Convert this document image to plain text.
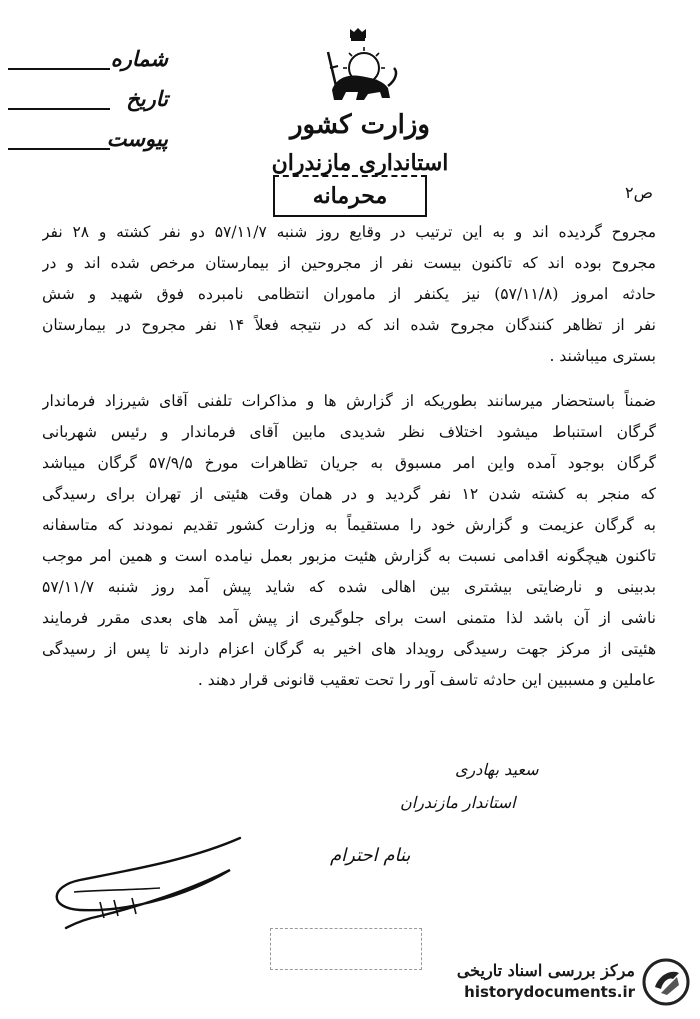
شماره
تاریخ
پیوست	وزارت کشور
استانداری مازندران
محرمانه	ص۲
مجروح گردیده اند و به این ترتیب در وقایع روز شنبه ۵۷/۱۱/۷ دو نفر کشته و ۲۸ نفر
مجروح بوده اند که تاکنون بیست نفر از مجروحین از بیمارستان مرخص شده اند و در
حادثه امروز (۵۷/۱۱/۸) نیز یکنفر از ماموران انتظامی نامبرده فوق شهید و شش
نفر از تظاهر کنندگان مجروح شده اند که در نتیجه فعلاً ۱۴ نفر مجروح در بیمارستان
بستری میباشند .
ضمناً باستحضار میرسانند بطوریکه از گزارش ها و مذاکرات تلفنی آقای شیرزاد فرماندار
گرگان استنباط میشود اختلاف نظر شدیدی مابین آقای فرماندار و رئیس شهربانی
گرگان بوجود آمده واین امر مسبوق به جریان تظاهرات مورخ ۵۷/۹/۵ گرگان میباشد
که منجر به کشته شدن ۱۲ نفر گردید و در همان وقت هئیتی از تهران برای رسیدگی
به گرگان عزیمت و گزارش خود را مستقیماً به وزارت کشور تقدیم نمودند که متاسفانه
تاکنون هیچگونه اقدامی نسبت به گزارش هئیت مزبور بعمل نیامده است و همین امر موجب
بدبینی و نارضایتی بیشتری بین اهالی شده که شاید پیش آمد روز شنبه ۵۷/۱۱/۷
ناشی از آن باشد لذا متمنی است برای جلوگیری از پیش آمد های بعدی مقرر فرمایند
هئیتی از مرکز جهت رسیدگی رویداد های اخیر به گرگان اعزام دارند تا پس از رسیدگی
عاملین و مسببین این حادثه تاسف آور را تحت تعقیب قانونی قرار دهند .
سعید بهادری
استاندار مازندران
بنام احترام
مرکز بررسی اسناد تاریخی
historydocuments.ir
